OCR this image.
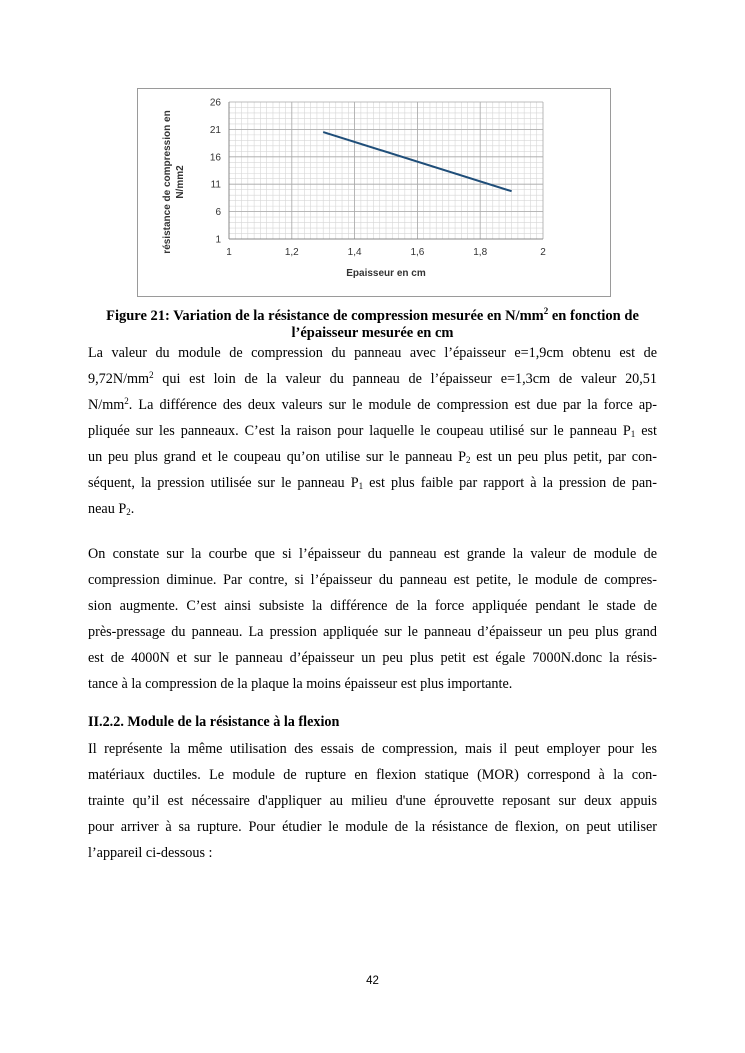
1	1,2	1,4	1,6	1,8	2
1
6
11
16
21
26
résistance de compression en N/mm2
Epaisseur en cm
Figure 21: Variation de la résistance de compression mesurée en $N/mm^2$ en fonction de
l’épaisseur mesurée en cm
La valeur du module de compression du panneau avec l’épaisseur e=1,9cm obtenu est de
$9,72N/mm^2$ qui est loin de la valeur du panneau de l’épaisseur e=1,3cm de valeur 20,51
$N/mm^2$. La différence des deux valeurs sur le module de compression est due par la force ap-
pliquée sur les panneaux. C’est la raison pour laquelle le coupeau utilisé sur le panneau $P_1$ est
un peu plus grand et le coupeau qu’on utilise sur le panneau $P_2$ est un peu plus petit, par con-
séquent, la pression utilisée sur le panneau $P_1$ est plus faible par rapport à la pression de pan-
neau $P_2$.
On constate sur la courbe que si l’épaisseur du panneau est grande la valeur de module de
compression diminue. Par contre, si l’épaisseur du panneau est petite, le module de compres-
sion augmente. C’est ainsi subsiste la différence de la force appliquée pendant le stade de
près-pressage du panneau. La pression appliquée sur le panneau d’épaisseur un peu plus grand
est de 4000N et sur le panneau d’épaisseur un peu plus petit est égale 7000N.donc la résis-
tance à la compression de la plaque la moins épaisseur est plus importante.
II.2.2. Module de la résistance à la flexion
Il représente la même utilisation des essais de compression, mais il peut employer pour les
matériaux ductiles. Le module de rupture en flexion statique (MOR) correspond à la con-
trainte qu’il est nécessaire d'appliquer au milieu d'une éprouvette reposant sur deux appuis
pour arriver à sa rupture. Pour étudier le module de la résistance de flexion, on peut utiliser
l’appareil ci-dessous :
42
